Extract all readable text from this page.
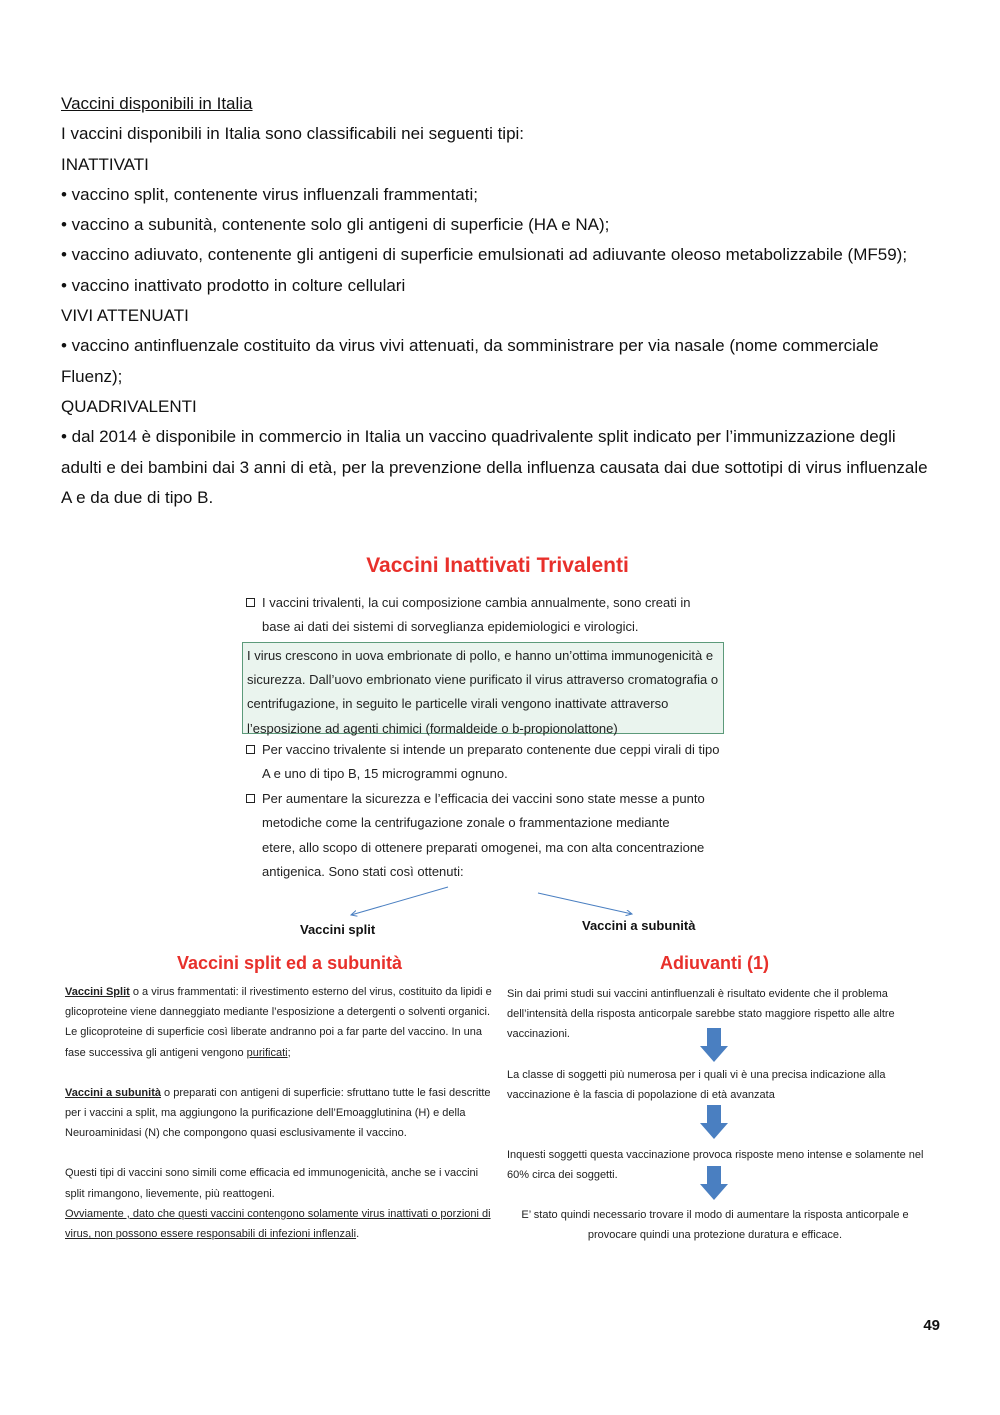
Vaccini disponibili in Italia

I vaccini disponibili in Italia sono classificabili nei seguenti tipi:

INATTIVATI

• vaccino split, contenente virus influenzali frammentati;

• vaccino a subunità, contenente solo gli antigeni di superficie (HA e NA);

• vaccino adiuvato, contenente gli antigeni di superficie emulsionati ad adiuvante oleoso metabolizzabile (MF59);

• vaccino inattivato prodotto in colture cellulari

VIVI ATTENUATI

• vaccino antinfluenzale costituito da virus vivi attenuati, da somministrare per via nasale (nome commerciale Fluenz);

QUADRIVALENTI

• dal 2014 è disponibile in commercio in Italia un vaccino quadrivalente split indicato per l’immunizzazione degli adulti e dei bambini dai 3 anni di età, per la prevenzione della influenza causata dai due sottotipi di virus influenzale A e da due di tipo B.

Vaccini Inattivati Trivalenti
I vaccini trivalenti, la cui composizione cambia annualmente, sono creati in base ai dati dei sistemi di sorveglianza epidemiologici e virologici.
I virus crescono in uova embrionate di pollo, e hanno un’ottima immunogenicità e sicurezza. Dall’uovo embrionato viene purificato il virus attraverso cromatografia o centrifugazione, in seguito le particelle virali vengono inattivate attraverso l’esposizione ad agenti chimici (formaldeide o b-propionolattone)
Per vaccino trivalente si intende un preparato contenente due ceppi virali di tipo A e uno di tipo B, 15 microgrammi ognuno.
Per aumentare la sicurezza e l’efficacia dei vaccini sono state messe a punto metodiche come la centrifugazione zonale o frammentazione mediante etere, allo scopo di ottenere preparati omogenei, ma con alta concentrazione antigenica. Sono stati così ottenuti:
Vaccini split	Vaccini a subunità
Vaccini split ed a subunità

Vaccini Split o a virus frammentati: il rivestimento esterno del virus, costituito da lipidi e glicoproteine viene danneggiato mediante l’esposizione a detergenti o solventi organici. Le glicoproteine di superficie così liberate andranno poi a far parte del vaccino. In una fase successiva gli antigeni vengono purificati;

Vaccini a subunità o preparati con antigeni di superficie: sfruttano tutte le fasi descritte per i vaccini a split, ma aggiungono la purificazione dell’Emoagglutinina (H) e della Neuroaminidasi (N) che compongono quasi esclusivamente il vaccino.

Questi tipi di vaccini sono simili come efficacia ed immunogenicità, anche se i vaccini split rimangono, lievemente, più reattogeni.
Ovviamente , dato che questi vaccini contengono solamente virus inattivati o porzioni di virus, non possono essere responsabili di infezioni inflenzali.

Adiuvanti (1)
Sin dai primi studi sui vaccini antinfluenzali è risultato evidente che il problema dell’intensità della risposta anticorpale sarebbe stato maggiore rispetto alle altre vaccinazioni.
La classe di soggetti più numerosa per i quali vi è una precisa indicazione alla vaccinazione è la fascia di popolazione di età avanzata
Inquesti soggetti questa vaccinazione provoca risposte meno intense e solamente nel 60% circa dei soggetti.
E’ stato quindi necessario trovare il modo di aumentare la risposta anticorpale e provocare quindi una protezione duratura e efficace.
49
